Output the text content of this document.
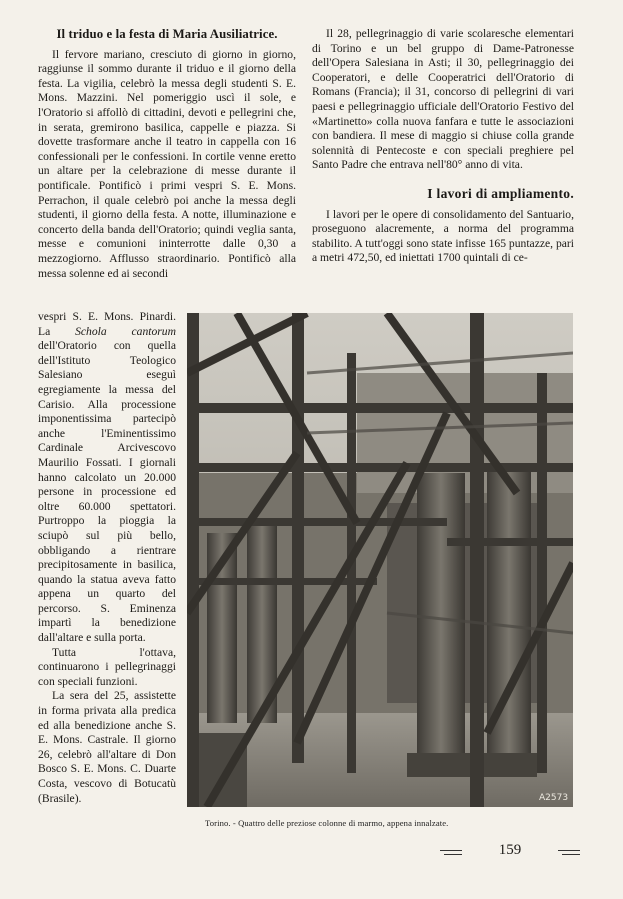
Il triduo e la festa di Maria Ausiliatrice.

Il fervore mariano, cresciuto di giorno in giorno, raggiunse il sommo durante il triduo e il giorno della festa. La vigilia, celebrò la messa degli studenti S. E. Mons. Mazzini. Nel pomeriggio uscì il sole, e l'Oratorio si affollò di cittadini, devoti e pellegrini che, in serata, gremirono basilica, cappelle e piazza. Si dovette trasformare anche il teatro in cappella con 16 confessionali per le confessioni. In cortile venne eretto un altare per la celebrazione di messe durante il pontificale. Pontificò i primi vespri S. E. Mons. Perrachon, il quale celebrò poi anche la messa degli studenti, il giorno della festa. A notte, illuminazione e concerto della banda dell'Oratorio; quindi veglia santa, messe e comunioni ininterrotte dalle 0,30 a mezzogiorno. Afflusso straordinario. Pontificò alla messa solenne ed ai secondi

vespri S. E. Mons. Pinardi. La Schola cantorum dell'Oratorio con quella dell'Istituto Teologico Salesiano eseguì egregiamente la messa del Carisio. Alla processione imponentissima partecipò anche l'Eminentissimo Cardinale Arcivescovo Maurilio Fossati. I giornali hanno calcolato un 20.000 persone in processione ed oltre 60.000 spettatori. Purtroppo la pioggia la sciupò sul più bello, obbligando a rientrare precipitosamente in basilica, quando la statua aveva fatto appena un quarto del percorso. S. Eminenza impartì la benedizione dall'altare e sulla porta.

Tutta l'ottava, continuarono i pellegrinaggi con speciali funzioni.

La sera del 25, assistette in forma privata alla predica ed alla benedizione anche S. E. Mons. Castrale. Il giorno 26, celebrò all'altare di Don Bosco S. E. Mons. C. Duarte Costa, vescovo di Botucatù (Brasile).

Il 28, pellegrinaggio di varie scolaresche elementari di Torino e un bel gruppo di Dame-Patronesse dell'Opera Salesiana in Asti; il 30, pellegrinaggio dei Cooperatori, e delle Cooperatrici dell'Oratorio di Romans (Francia); il 31, concorso di pellegrini di vari paesi e pellegrinaggio ufficiale dell'Oratorio Festivo del «Martinetto» colla nuova fanfara e tutte le associazioni con bandiera. Il mese di maggio si chiuse colla grande solennità di Pentecoste e con speciali preghiere pel Santo Padre che entrava nell'80° anno di vita.

I lavori di ampliamento.

I lavori per le opere di consolidamento del Santuario, proseguono alacremente, a norma del programma stabilito. A tutt'oggi sono state infisse 165 puntazze, pari a metri 472,50, ed iniettati 1700 quintali di ce-

A2573
Torino. - Quattro delle preziose colonne di marmo, appena innalzate.
159
